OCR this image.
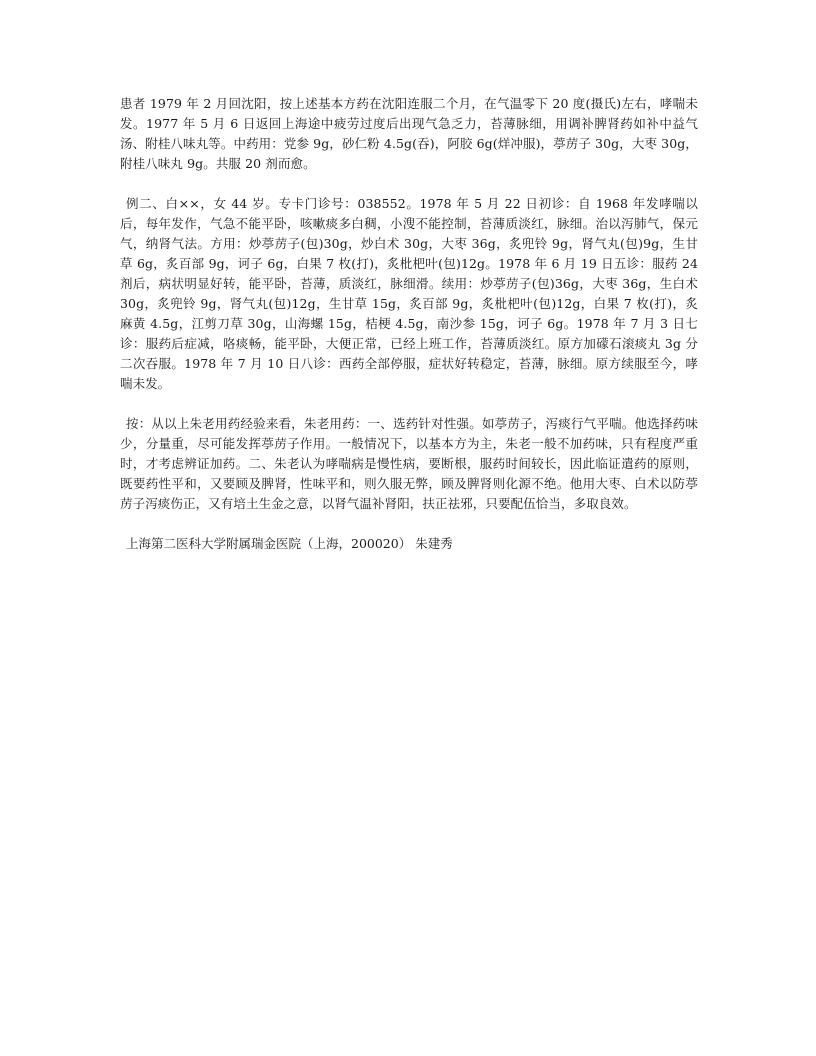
患者 1979 年 2 月回沈阳，按上述基本方药在沈阳连服二个月，在气温零下 20 度(摄氏)左右，哮喘未发。1977 年 5 月 6 日返回上海途中疲劳过度后出现气急乏力，苔薄脉细，用调补脾肾药如补中益气汤、附桂八味丸等。中药用：党参 9g，砂仁粉 4.5g(吞)，阿胶 6g(烊冲服)，葶苈子 30g，大枣 30g，附桂八味丸 9g。共服 20 剂而愈。

例二、白××，女 44 岁。专卡门诊号：038552。1978 年 5 月 22 日初诊：自 1968 年发哮喘以后，每年发作，气急不能平卧，咳嗽痰多白稠，小溲不能控制，苔薄质淡红，脉细。治以泻肺气，保元气，纳肾气法。方用：炒葶苈子(包)30g，炒白术 30g，大枣 36g，炙兜铃 9g，肾气丸(包)9g，生甘草 6g，炙百部 9g，诃子 6g，白果 7 枚(打)，炙枇杷叶(包)12g。1978 年 6 月 19 日五诊：服药 24 剂后，病状明显好转，能平卧，苔薄，质淡红，脉细滑。续用：炒葶苈子(包)36g，大枣 36g，生白术 30g，炙兜铃 9g，肾气丸(包)12g，生甘草 15g，炙百部 9g，炙枇杷叶(包)12g，白果 7 枚(打)，炙麻黄 4.5g，江剪刀草 30g，山海螺 15g，桔梗 4.5g，南沙参 15g，诃子 6g。1978 年 7 月 3 日七诊：服药后症减，咯痰畅，能平卧，大便正常，已经上班工作，苔薄质淡红。原方加礞石滚痰丸 3g 分二次吞服。1978 年 7 月 10 日八诊：西药全部停服，症状好转稳定，苔薄，脉细。原方续服至今，哮喘未发。

按：从以上朱老用药经验来看，朱老用药：一、选药针对性强。如葶苈子，泻痰行气平喘。他选择药味少，分量重，尽可能发挥葶苈子作用。一般情况下，以基本方为主，朱老一般不加药味，只有程度严重时，才考虑辨证加药。二、朱老认为哮喘病是慢性病，要断根，服药时间较长，因此临证遣药的原则，既要药性平和，又要顾及脾肾，性味平和，则久服无弊，顾及脾肾则化源不绝。他用大枣、白术以防葶苈子泻痰伤正，又有培土生金之意，以肾气温补肾阳，扶正祛邪，只要配伍恰当，多取良效。

上海第二医科大学附属瑞金医院（上海，200020） 朱建秀
